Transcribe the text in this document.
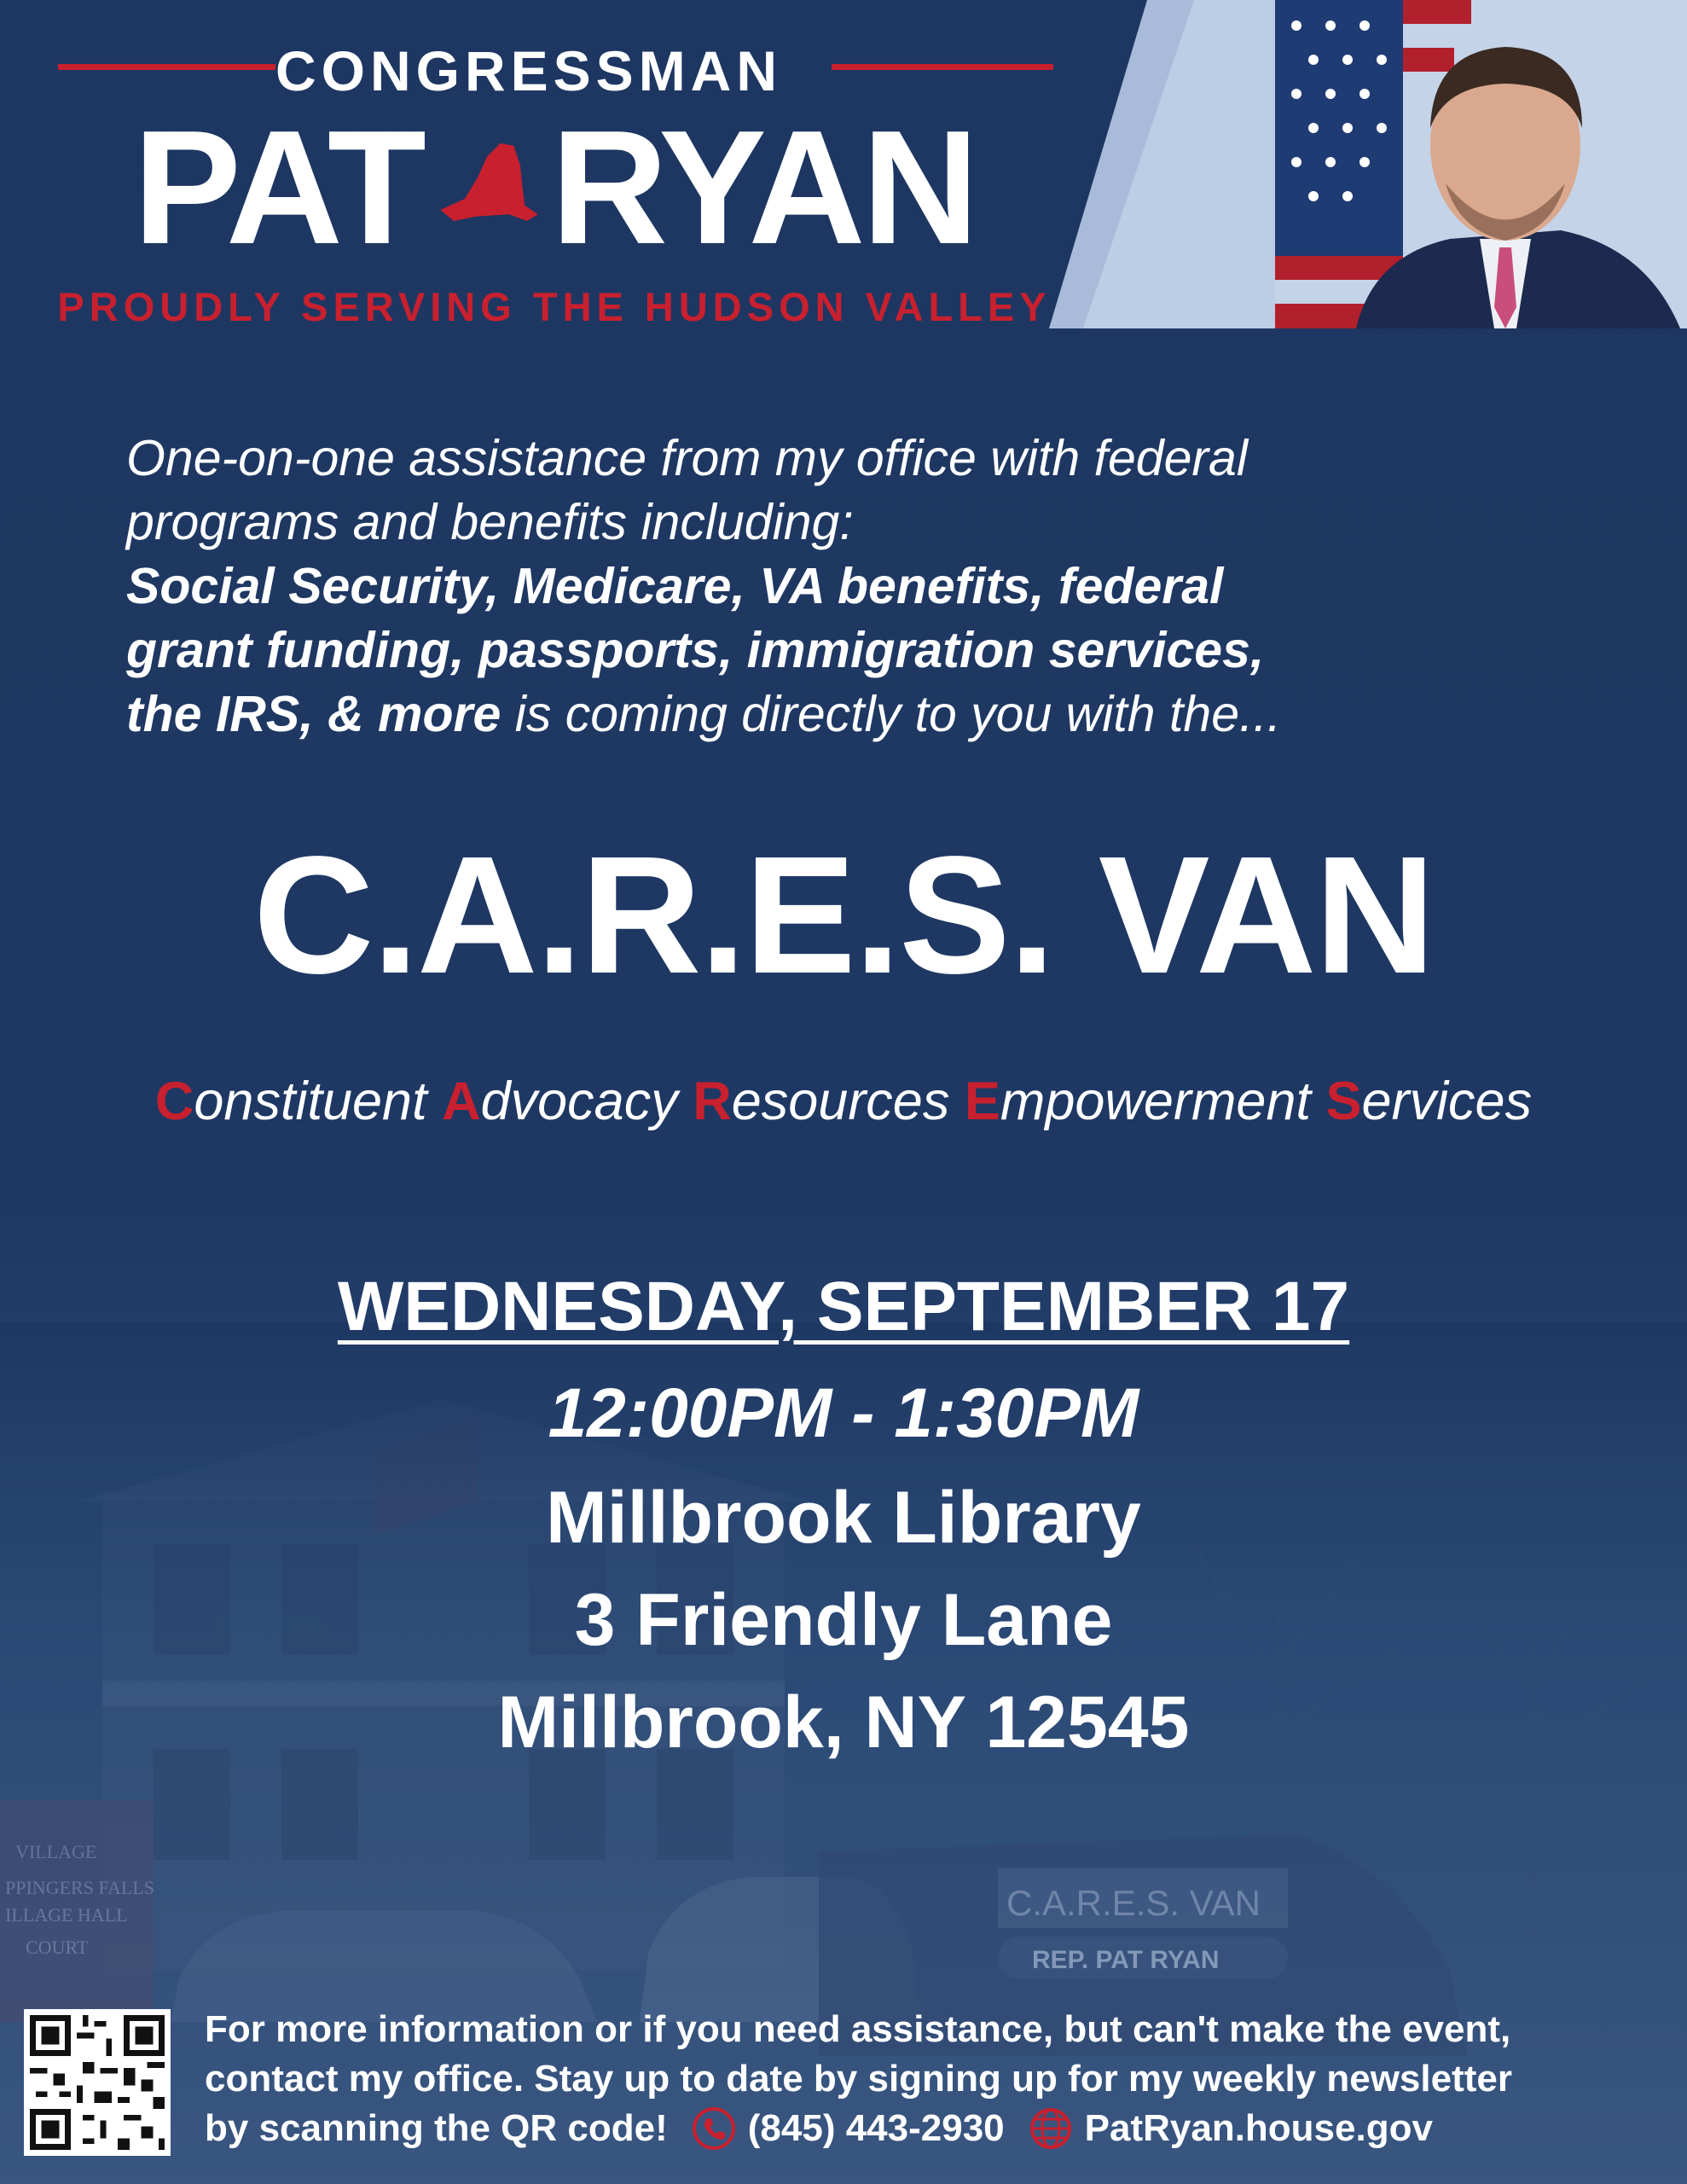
CONGRESSMAN
PAT RYAN
PROUDLY SERVING THE HUDSON VALLEY
One-on-one assistance from my office with federal
programs and benefits including:
Social Security, Medicare, VA benefits, federal
grant funding, passports, immigration services,
the IRS, & more is coming directly to you with the...
C.A.R.E.S. VAN
Constituent Advocacy Resources Empowerment Services
WEDNESDAY, SEPTEMBER 17
12:00PM - 1:30PM
Millbrook Library
3 Friendly Lane
Millbrook, NY 12545
For more information or if you need assistance, but can't make the event,
contact my office. Stay up to date by signing up for my weekly newsletter
by scanning the QR code! (845) 443-2930 PatRyan.house.gov
